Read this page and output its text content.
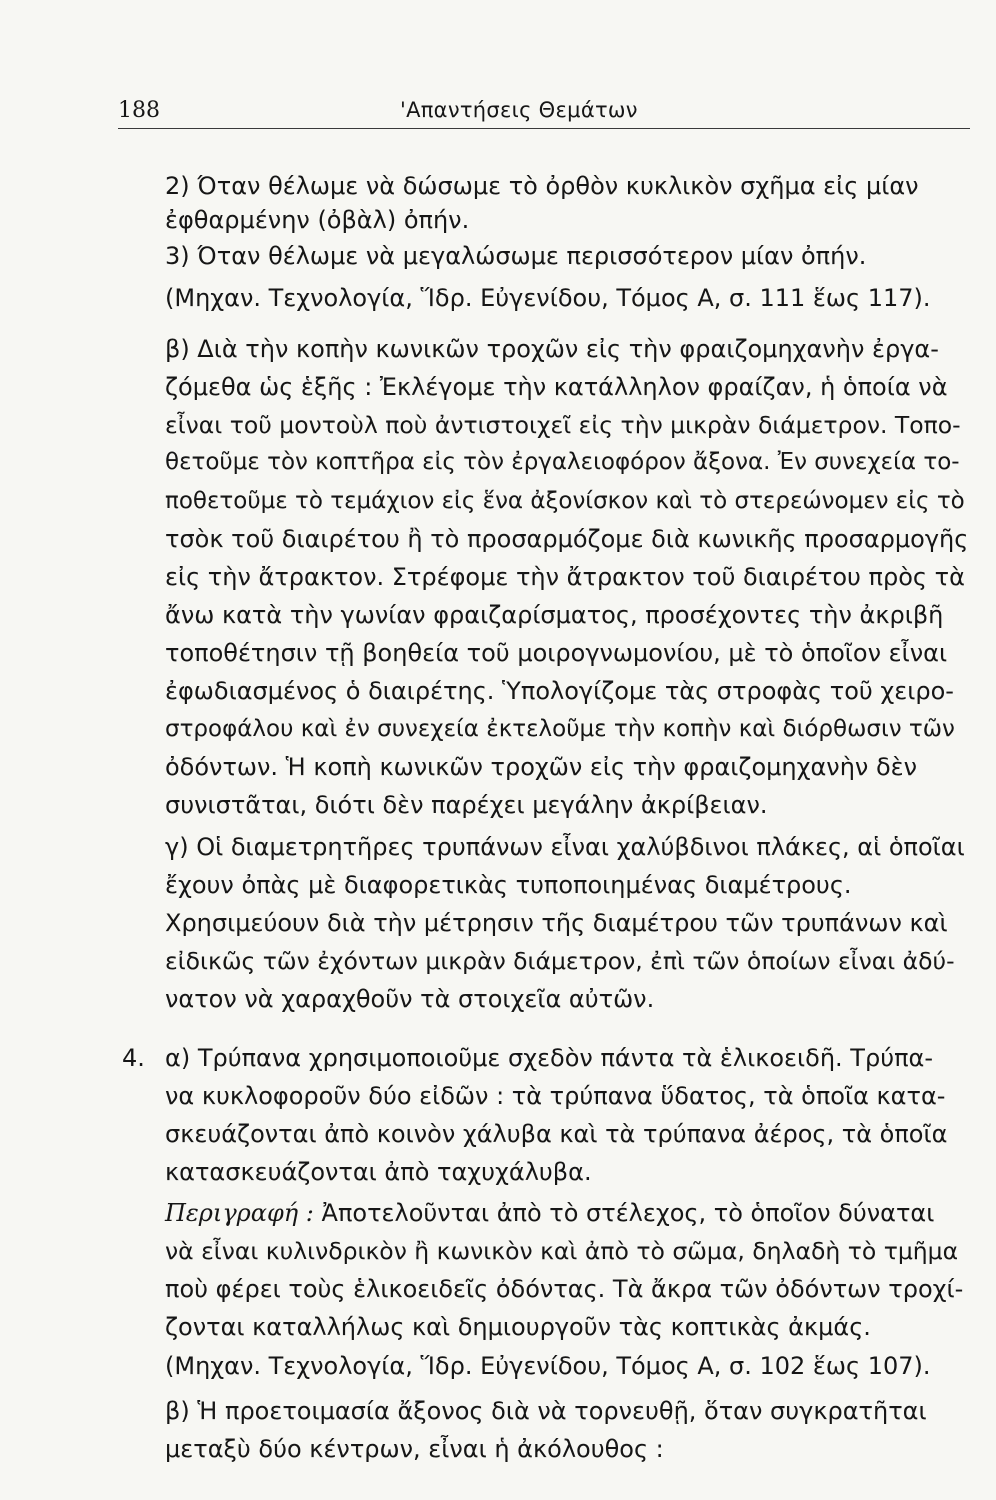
188	'Απαντήσεις Θεμάτων
2) Όταν θέλωμε νὰ δώσωμε τὸ ὀρθὸν κυκλικὸν σχῆμα εἰς μίαν
ἐφθαρμένην (ὀβὰλ) ὀπήν.
3) Όταν θέλωμε νὰ μεγαλώσωμε περισσότερον μίαν ὀπήν.
(Μηχαν. Τεχνολογία, Ἵδρ. Εὐγενίδου, Τόμος Α, σ. 111 ἕως 117).
β) Διὰ τὴν κοπὴν κωνικῶν τροχῶν εἰς τὴν φραιζομηχανὴν ἐργα-
ζόμεθα ὡς ἑξῆς : Ἐκλέγομε τὴν κατάλληλον φραίζαν, ἡ ὁποία νὰ
εἶναι τοῦ μοντοὺλ ποὺ ἀντιστοιχεῖ εἰς τὴν μικρὰν διάμετρον. Τοπο-
θετοῦμε τὸν κοπτῆρα εἰς τὸν ἐργαλειοφόρον ἄξονα. Ἐν συνεχεία το-
ποθετοῦμε τὸ τεμάχιον εἰς ἕνα ἀξονίσκον καὶ τὸ στερεώνομεν εἰς τὸ
τσὸκ τοῦ διαιρέτου ἢ τὸ προσαρμόζομε διὰ κωνικῆς προσαρμογῆς
εἰς τὴν ἄτρακτον. Στρέφομε τὴν ἄτρακτον τοῦ διαιρέτου πρὸς τὰ
ἄνω κατὰ τὴν γωνίαν φραιζαρίσματος, προσέχοντες τὴν ἀκριβῆ
τοποθέτησιν τῇ βοηθεία τοῦ μοιρογνωμονίου, μὲ τὸ ὁποῖον εἶναι
ἐφωδιασμένος ὁ διαιρέτης. Ὑπολογίζομε τὰς στροφὰς τοῦ χειρο-
στροφάλου καὶ ἐν συνεχεία ἐκτελοῦμε τὴν κοπὴν καὶ διόρθωσιν τῶν
ὀδόντων. Ἡ κοπὴ κωνικῶν τροχῶν εἰς τὴν φραιζομηχανὴν δὲν
συνιστᾶται, διότι δὲν παρέχει μεγάλην ἀκρίβειαν.
γ) Οἱ διαμετρητῆρες τρυπάνων εἶναι χαλύβδινοι πλάκες, αἱ ὁποῖαι
ἔχουν ὀπὰς μὲ διαφορετικὰς τυποποιημένας διαμέτρους.
Χρησιμεύουν διὰ τὴν μέτρησιν τῆς διαμέτρου τῶν τρυπάνων καὶ
εἰδικῶς τῶν ἐχόντων μικρὰν διάμετρον, ἐπὶ τῶν ὁποίων εἶναι ἀδύ-
νατον νὰ χαραχθοῦν τὰ στοιχεῖα αὐτῶν.
4. α) Τρύπανα χρησιμοποιοῦμε σχεδὸν πάντα τὰ ἑλικοειδῆ. Τρύπα-
να κυκλοφοροῦν δύο εἰδῶν : τὰ τρύπανα ὕδατος, τὰ ὁποῖα κατα-
σκευάζονται ἀπὸ κοινὸν χάλυβα καὶ τὰ τρύπανα ἀέρος, τὰ ὁποῖα
κατασκευάζονται ἀπὸ ταχυχάλυβα.
Περιγραφή : Ἀποτελοῦνται ἀπὸ τὸ στέλεχος, τὸ ὁποῖον δύναται
νὰ εἶναι κυλινδρικὸν ἢ κωνικὸν καὶ ἀπὸ τὸ σῶμα, δηλαδὴ τὸ τμῆμα
ποὺ φέρει τοὺς ἑλικοειδεῖς ὀδόντας. Τὰ ἄκρα τῶν ὀδόντων τροχί-
ζονται καταλλήλως καὶ δημιουργοῦν τὰς κοπτικὰς ἀκμάς.
(Μηχαν. Τεχνολογία, Ἵδρ. Εὐγενίδου, Τόμος Α, σ. 102 ἕως 107).
β) Ἡ προετοιμασία ἄξονος διὰ νὰ τορνευθῇ, ὅταν συγκρατῆται
μεταξὺ δύο κέντρων, εἶναι ἡ ἀκόλουθος :
